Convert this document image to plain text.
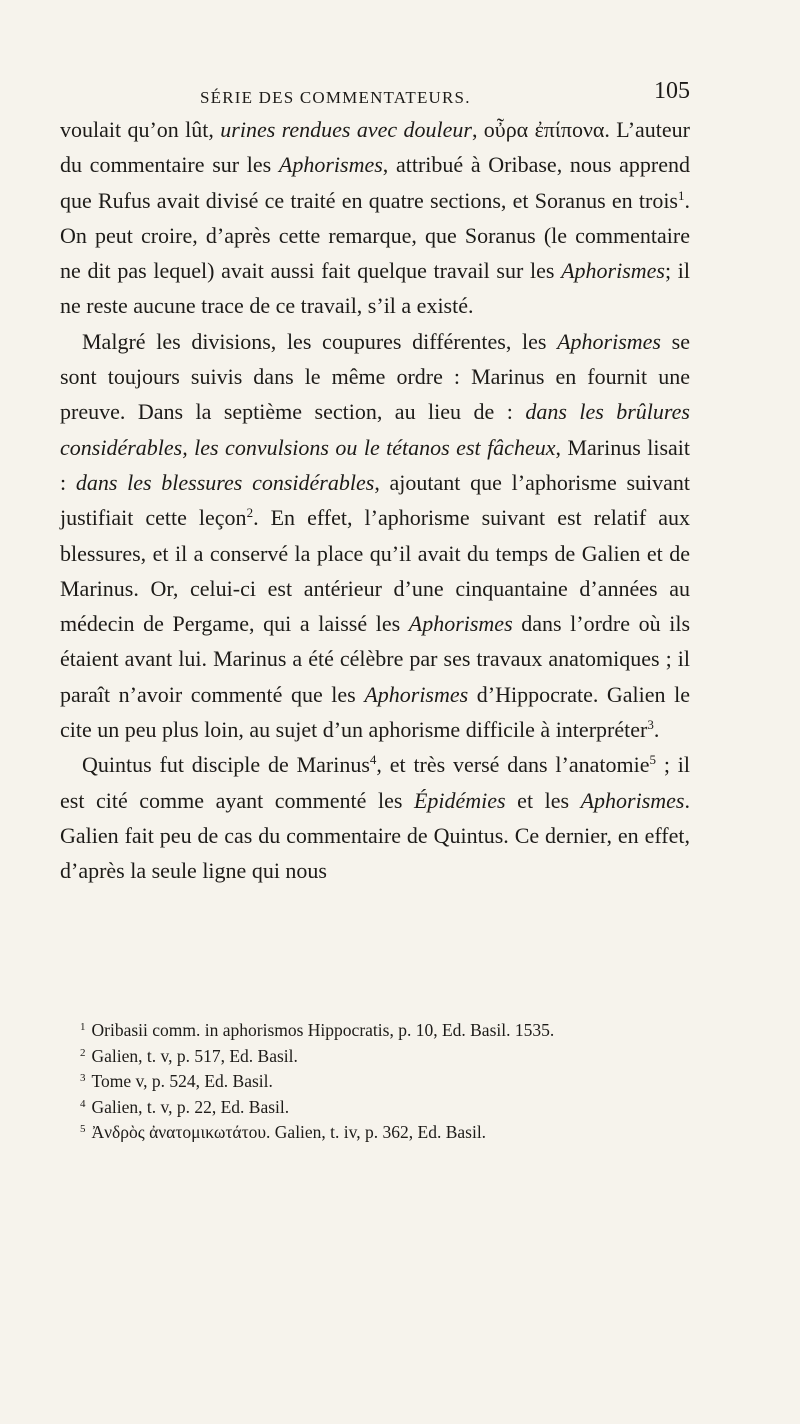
SÉRIE DES COMMENTATEURS.	105

voulait qu’on lût, urines rendues avec douleur, οὖρα ἐπίπονα. L’auteur du commentaire sur les Aphorismes, attribué à Oribase, nous apprend que Rufus avait divisé ce traité en quatre sections, et Soranus en trois$^1$. On peut croire, d’après cette remarque, que Soranus (le commentaire ne dit pas lequel) avait aussi fait quelque travail sur les Aphorismes; il ne reste aucune trace de ce travail, s’il a existé.

Malgré les divisions, les coupures différentes, les Aphorismes se sont toujours suivis dans le même ordre : Marinus en fournit une preuve. Dans la septième section, au lieu de : dans les brûlures considérables, les convulsions ou le tétanos est fâcheux, Marinus lisait : dans les blessures considérables, ajoutant que l’aphorisme suivant justifiait cette leçon$^2$. En effet, l’aphorisme suivant est relatif aux blessures, et il a conservé la place qu’il avait du temps de Galien et de Marinus. Or, celui-ci est antérieur d’une cinquantaine d’années au médecin de Pergame, qui a laissé les Aphorismes dans l’ordre où ils étaient avant lui. Marinus a été célèbre par ses travaux anatomiques ; il paraît n’avoir commenté que les Aphorismes d’Hippocrate. Galien le cite un peu plus loin, au sujet d’un aphorisme difficile à interpréter$^3$.

Quintus fut disciple de Marinus$^4$, et très versé dans l’anatomie$^5$ ; il est cité comme ayant commenté les Épidémies et les Aphorismes. Galien fait peu de cas du commentaire de Quintus. Ce dernier, en effet, d’après la seule ligne qui nous

$^1$ Oribasii comm. in aphorismos Hippocratis, p. 10, Ed. Basil. 1535.

$^2$ Galien, t. v, p. 517, Ed. Basil.

$^3$ Tome v, p. 524, Ed. Basil.

$^4$ Galien, t. v, p. 22, Ed. Basil.

$^5$ Ἀνδρὸς ἀνατομικωτάτου. Galien, t. iv, p. 362, Ed. Basil.
